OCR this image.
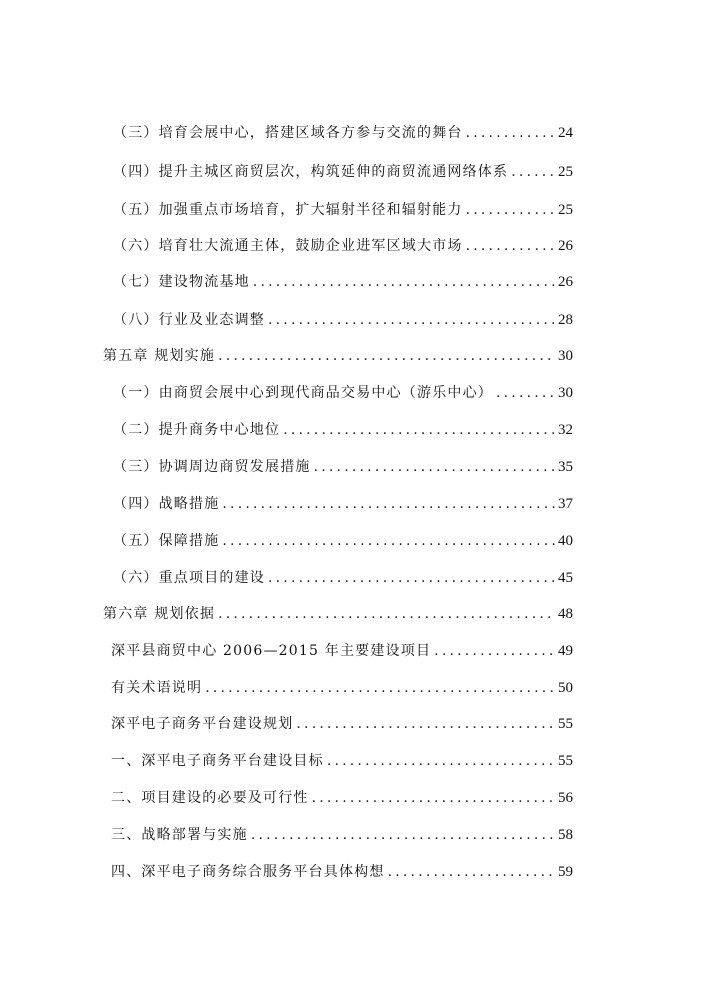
（三）培育会展中心，搭建区域各方参与交流的舞台 .....	24
（四）提升主城区商贸层次，构筑延伸的商贸流通网络体系 .....	25
（五）加强重点市场培育，扩大辐射半径和辐射能力 .....	25
（六）培育壮大流通主体，鼓励企业进军区域大市场 .....	26
（七）建设物流基地 .....	26
（八）行业及业态调整 .....	28
第五章 规划实施 .....	30
（一）由商贸会展中心到现代商品交易中心（游乐中心） .....	30
（二）提升商务中心地位 .....	32
（三）协调周边商贸发展措施 .....	35
（四）战略措施 .....	37
（五）保障措施 .....	40
（六）重点项目的建设 .....	45
第六章 规划依据 .....	48
深平县商贸中心 2006—2015 年主要建设项目 .....	49
有关术语说明 .....	50
深平电子商务平台建设规划 .....	55
一、深平电子商务平台建设目标 .....	55
二、项目建设的必要及可行性 .....	56
三、战略部署与实施 .....	58
四、深平电子商务综合服务平台具体构想 .....	59
